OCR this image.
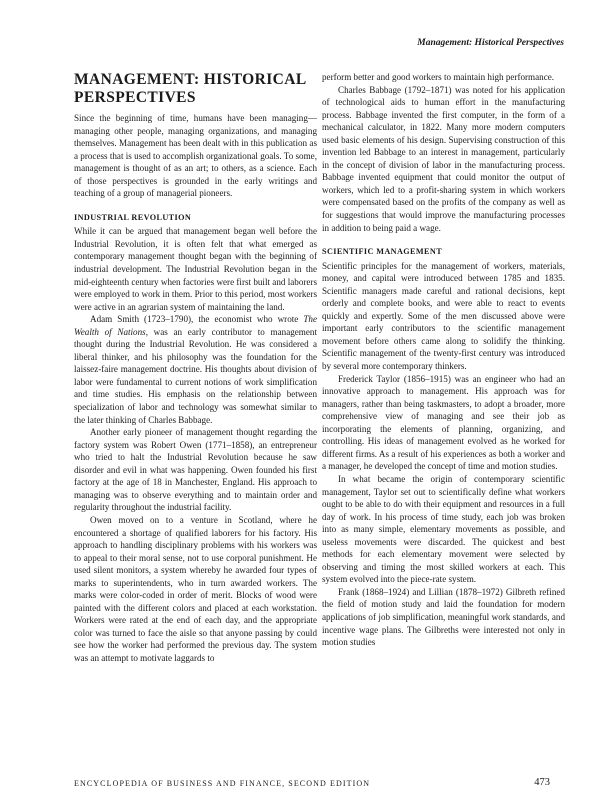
Management: Historical Perspectives

MANAGEMENT: HISTORICAL PERSPECTIVES

Since the beginning of time, humans have been managing—managing other people, managing organizations, and managing themselves. Management has been dealt with in this publication as a process that is used to accomplish organizational goals. To some, management is thought of as an art; to others, as a science. Each of those perspectives is grounded in the early writings and teaching of a group of managerial pioneers.

INDUSTRIAL REVOLUTION

While it can be argued that management began well before the Industrial Revolution, it is often felt that what emerged as contemporary management thought began with the beginning of industrial development. The Industrial Revolution began in the mid-eighteenth century when factories were first built and laborers were employed to work in them. Prior to this period, most workers were active in an agrarian system of maintaining the land.

Adam Smith (1723–1790), the economist who wrote The Wealth of Nations, was an early contributor to management thought during the Industrial Revolution. He was considered a liberal thinker, and his philosophy was the foundation for the laissez-faire management doctrine. His thoughts about division of labor were fundamental to current notions of work simplification and time studies. His emphasis on the relationship between specialization of labor and technology was somewhat similar to the later thinking of Charles Babbage.

Another early pioneer of management thought regarding the factory system was Robert Owen (1771–1858), an entrepreneur who tried to halt the Industrial Revolution because he saw disorder and evil in what was happening. Owen founded his first factory at the age of 18 in Manchester, England. His approach to managing was to observe everything and to maintain order and regularity throughout the industrial facility.

Owen moved on to a venture in Scotland, where he encountered a shortage of qualified laborers for his factory. His approach to handling disciplinary problems with his workers was to appeal to their moral sense, not to use corporal punishment. He used silent monitors, a system whereby he awarded four types of marks to superintendents, who in turn awarded workers. The marks were color-coded in order of merit. Blocks of wood were painted with the different colors and placed at each workstation. Workers were rated at the end of each day, and the appropriate color was turned to face the aisle so that anyone passing by could see how the worker had performed the previous day. The system was an attempt to motivate laggards to

perform better and good workers to maintain high performance.

Charles Babbage (1792–1871) was noted for his application of technological aids to human effort in the manufacturing process. Babbage invented the first computer, in the form of a mechanical calculator, in 1822. Many more modern computers used basic elements of his design. Supervising construction of this invention led Babbage to an interest in management, particularly in the concept of division of labor in the manufacturing process. Babbage invented equipment that could monitor the output of workers, which led to a profit-sharing system in which workers were compensated based on the profits of the company as well as for suggestions that would improve the manufacturing processes in addition to being paid a wage.

SCIENTIFIC MANAGEMENT

Scientific principles for the management of workers, materials, money, and capital were introduced between 1785 and 1835. Scientific managers made careful and rational decisions, kept orderly and complete books, and were able to react to events quickly and expertly. Some of the men discussed above were important early contributors to the scientific management movement before others came along to solidify the thinking. Scientific management of the twenty-first century was introduced by several more contemporary thinkers.

Frederick Taylor (1856–1915) was an engineer who had an innovative approach to management. His approach was for managers, rather than being taskmasters, to adopt a broader, more comprehensive view of managing and see their job as incorporating the elements of planning, organizing, and controlling. His ideas of management evolved as he worked for different firms. As a result of his experiences as both a worker and a manager, he developed the concept of time and motion studies.

In what became the origin of contemporary scientific management, Taylor set out to scientifically define what workers ought to be able to do with their equipment and resources in a full day of work. In his process of time study, each job was broken into as many simple, elementary movements as possible, and useless movements were discarded. The quickest and best methods for each elementary movement were selected by observing and timing the most skilled workers at each. This system evolved into the piece-rate system.

Frank (1868–1924) and Lillian (1878–1972) Gilbreth refined the field of motion study and laid the foundation for modern applications of job simplification, meaningful work standards, and incentive wage plans. The Gilbreths were interested not only in motion studies

ENCYCLOPEDIA OF BUSINESS AND FINANCE, SECOND EDITION	473
